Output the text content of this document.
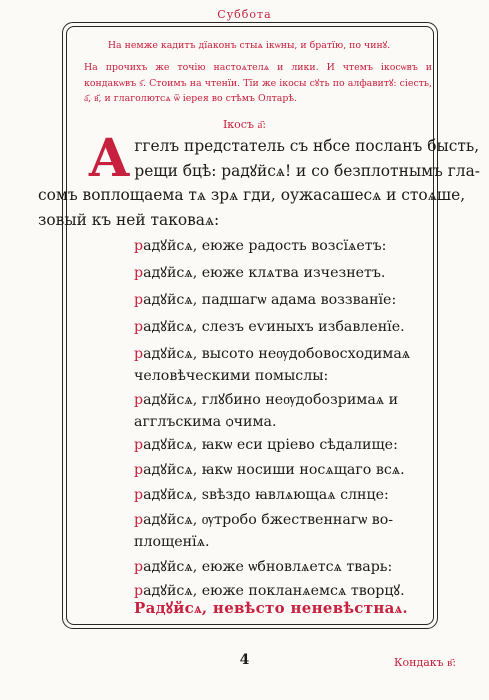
Суббота
На немже кадитъ дїаконъ стыѧ ікѡны, и братїю, по чинꙋ.
На прочихъ же точію настоѧтелѧ и лики. И чтемъ ікосѡвъ и кондакѡвъ ѕ҃. Стоимъ на чтенїи. Тїи же ікосы сꙋть по алфавитꙋ: сіесть, а҃, в҃, и глаголютсѧ ѿ іерея во стѣмъ Олтарѣ.
Ікосъ а҃:
А ггелъ предстатель съ нбсе посланъ бысть,
рещи бцѣ: радꙋйсѧ! и со безплотнымъ гла-
сомъ воплощаема тѧ зрѧ гди, оужасашесѧ и стоѧше,
зовый къ ней таковаѧ:
радꙋйсѧ, еюже радость возсїѧетъ:
радꙋйсѧ, еюже клѧтва изчезнетъ.
радꙋйсѧ, падшагѡ адама воззванїе:
радꙋйсѧ, слезъ еѵиныхъ избавленїе.
радꙋйсѧ, высото неѹдобовосходимаѧ
человѣческими помыслы:
радꙋйсѧ, глꙋбино неѹдобозримаѧ и
агглъскима ѻчима.
радꙋйсѧ, ꙗкѡ еси цріево сѣдалище:
радꙋйсѧ, ꙗкѡ носиши носѧщаго всѧ.
радꙋйсѧ, ѕвѣздо ꙗвлѧющаѧ слнце:
радꙋйсѧ, ѹтробо бжественнагѡ во-
площенїѧ.
радꙋйсѧ, еюже ѡбновлѧетсѧ тварь:
радꙋйсѧ, еюже покланѧемсѧ творцꙋ.
Радꙋйсѧ, невѣсто неневѣстнаѧ.
4	Кондакъ в҃:
